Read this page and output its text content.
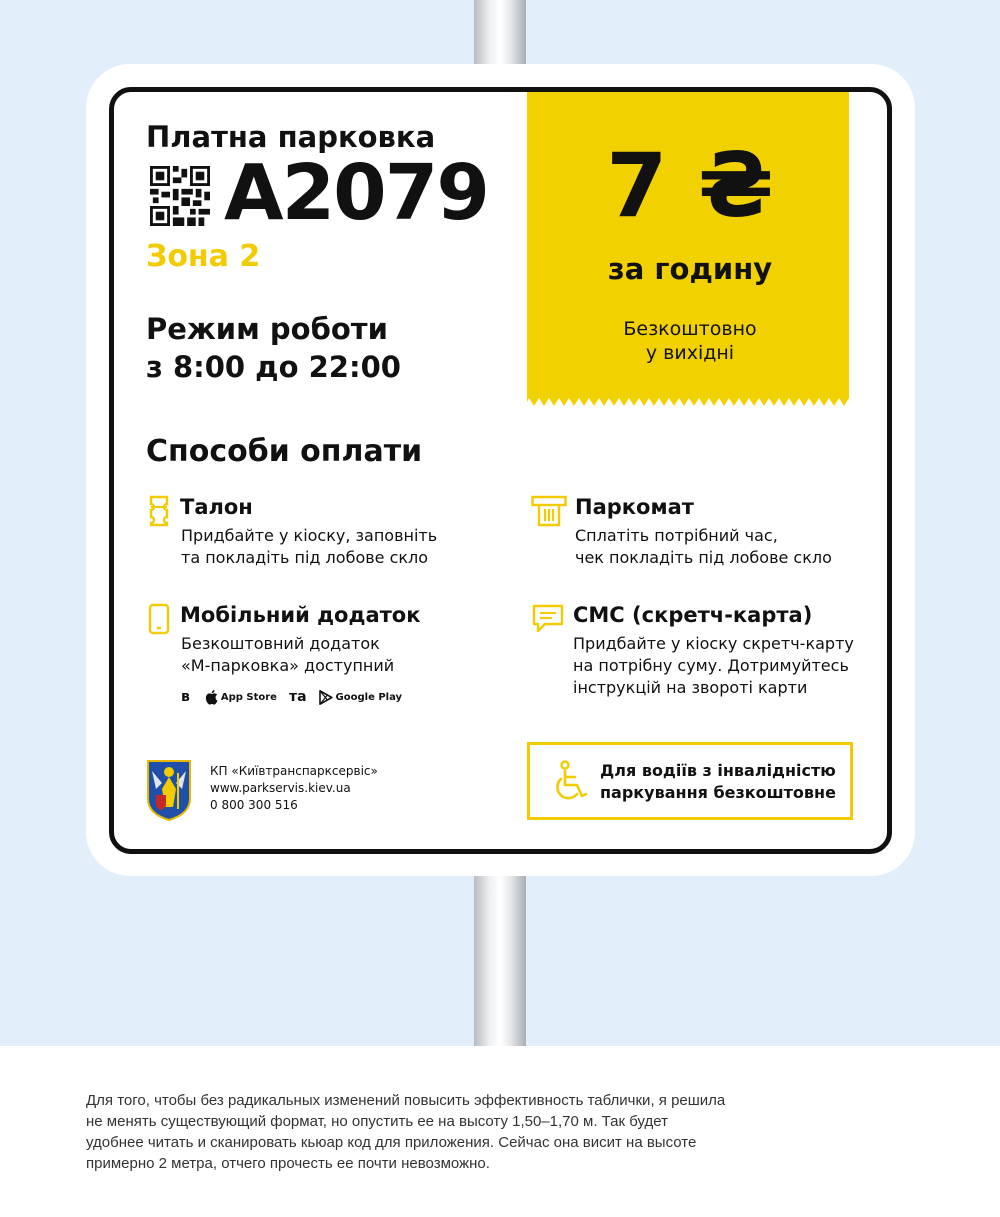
Платна парковка
А2079
Зона 2
Режим роботи
з 8:00 до 22:00
7 ₴
за годину
Безкоштовно
у вихідні
Способи оплати
Талон
Придбайте у кіоску, заповніть
та покладіть під лобове скло
Паркомат
Сплатіть потрібний час,
чек покладіть під лобове скло
Мобільний додаток
Безкоштовний додаток
«М-парковка» доступний
в	App Store та	Google Play
СМС (скретч-карта)
Придбайте у кіоску скретч-карту
на потрібну суму. Дотримуйтесь
інструкцій на звороті карти
КП «Київтранспарксервіс»
www.parkservis.kiev.ua
0 800 300 516
Для водіїв з інвалідністю
паркування безкоштовне
Для того, чтобы без радикальных изменений повысить эффективность таблички, я решила
не менять существующий формат, но опустить ее на высоту 1,50–1,70 м. Так будет
удобнее читать и сканировать кьюар код для приложения. Сейчас она висит на высоте
примерно 2 метра, отчего прочесть ее почти невозможно.
